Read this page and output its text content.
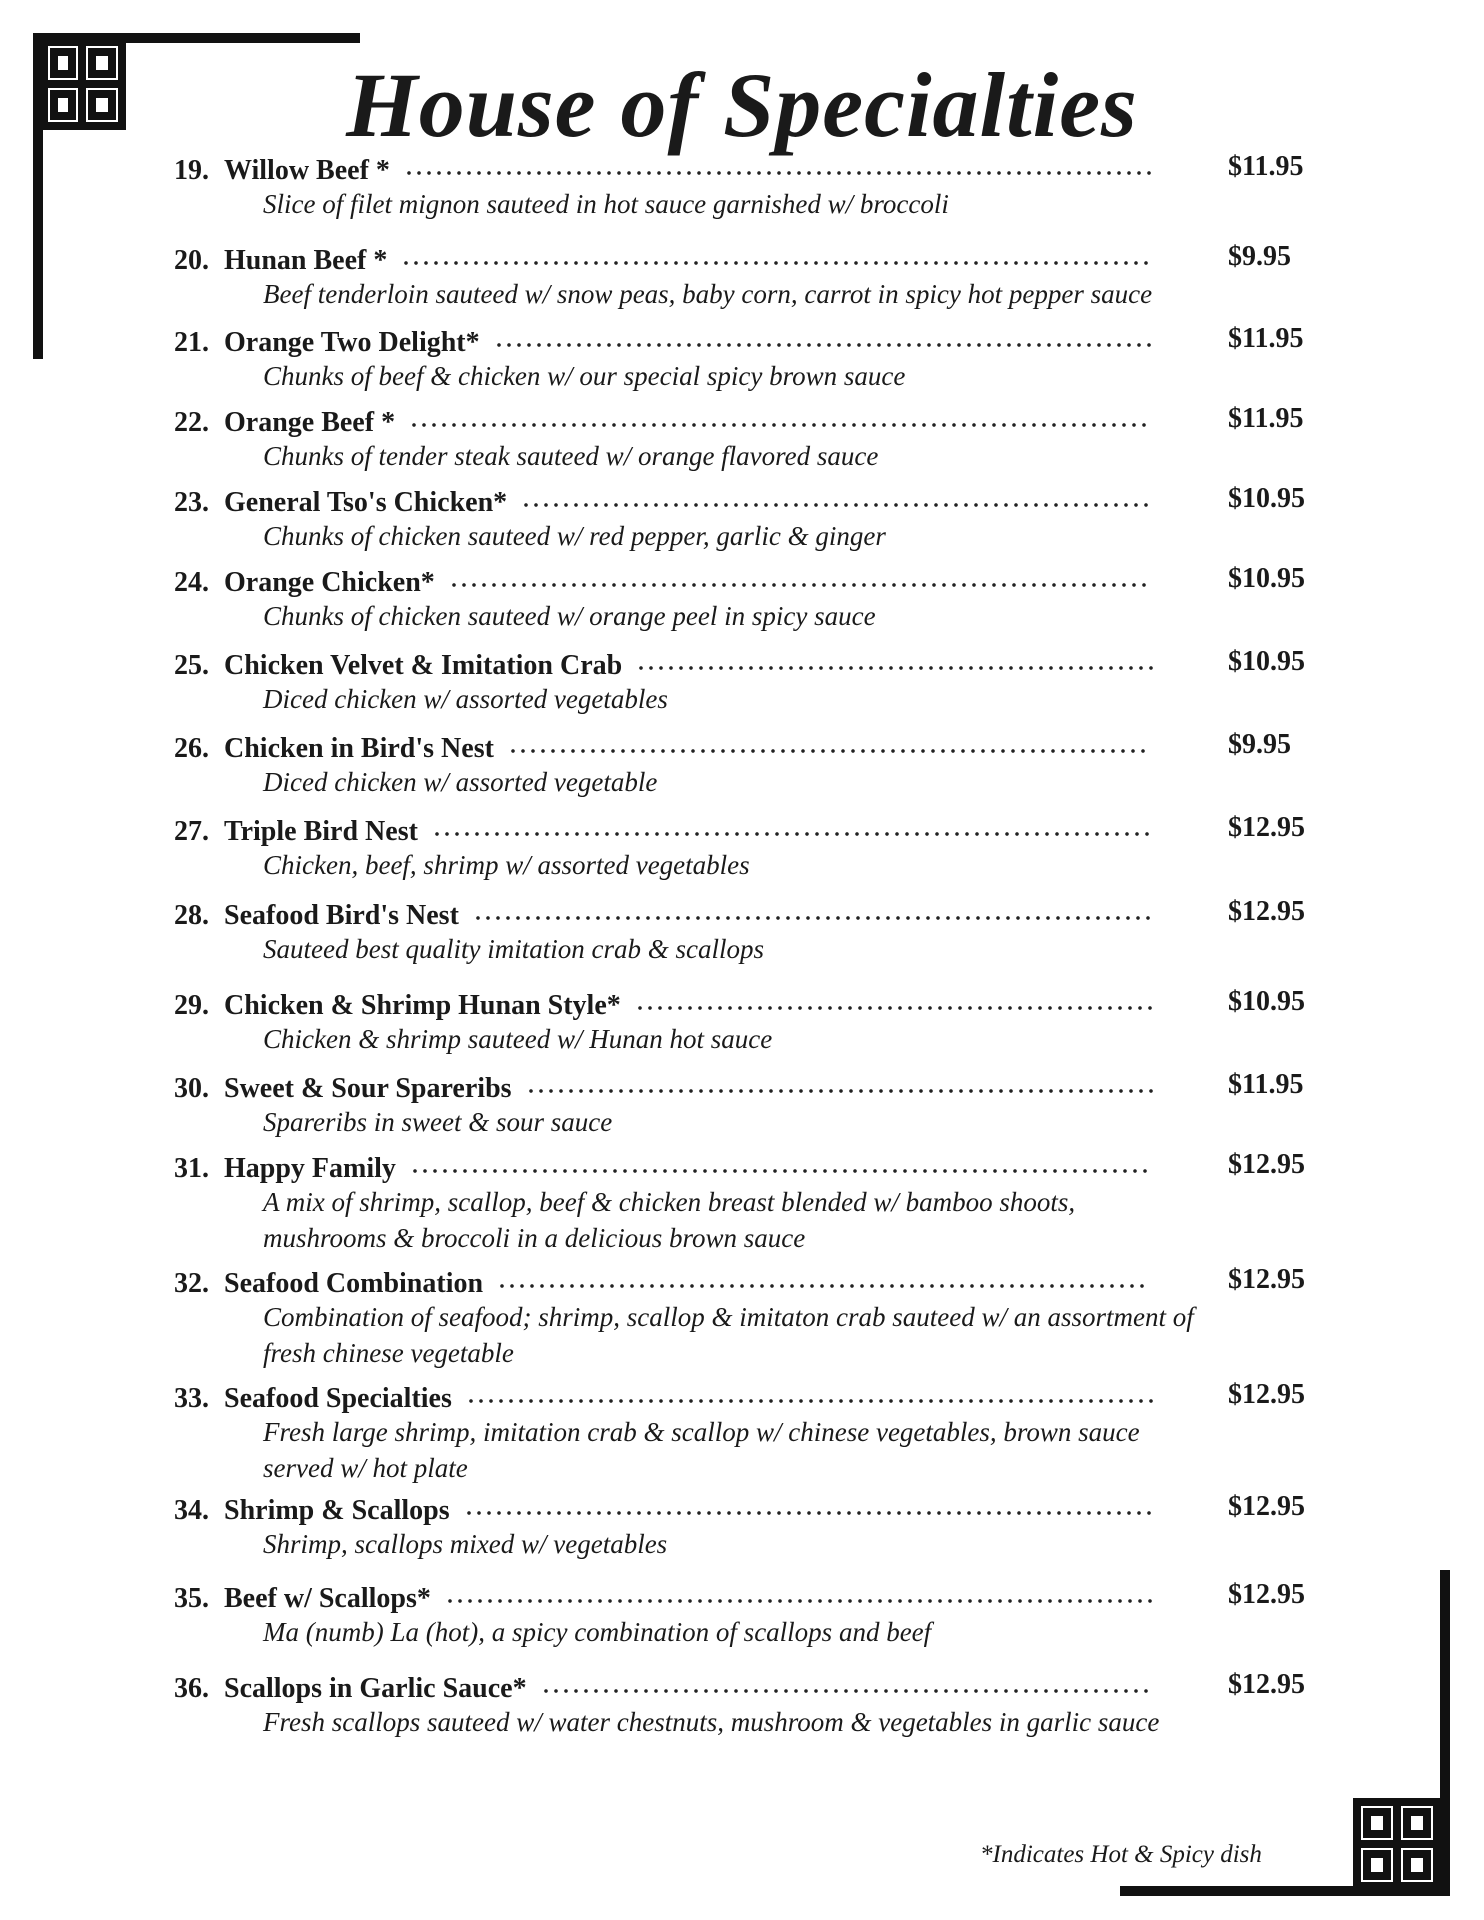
House of Specialties
19. Willow Beef *	$11.95
Slice of filet mignon sauteed in hot sauce garnished w/ broccoli
20. Hunan Beef *	$9.95
Beef tenderloin sauteed w/ snow peas, baby corn, carrot in spicy hot pepper sauce
21. Orange Two Delight*	$11.95
Chunks of beef & chicken w/ our special spicy brown sauce
22. Orange Beef *	$11.95
Chunks of tender steak sauteed w/ orange flavored sauce
23. General Tso's Chicken*	$10.95
Chunks of chicken sauteed w/ red pepper, garlic & ginger
24. Orange Chicken*	$10.95
Chunks of chicken sauteed w/ orange peel in spicy sauce
25. Chicken Velvet & Imitation Crab	$10.95
Diced chicken w/ assorted vegetables
26. Chicken in Bird's Nest	$9.95
Diced chicken w/ assorted vegetable
27. Triple Bird Nest	$12.95
Chicken, beef, shrimp w/ assorted vegetables
28. Seafood Bird's Nest	$12.95
Sauteed best quality imitation crab & scallops
29. Chicken & Shrimp Hunan Style*	$10.95
Chicken & shrimp sauteed w/ Hunan hot sauce
30. Sweet & Sour Spareribs	$11.95
Spareribs in sweet & sour sauce
31. Happy Family	$12.95
A mix of shrimp, scallop, beef & chicken breast blended w/ bamboo shoots,
mushrooms & broccoli in a delicious brown sauce
32. Seafood Combination	$12.95
Combination of seafood; shrimp, scallop & imitaton crab sauteed w/ an assortment of
fresh chinese vegetable
33. Seafood Specialties	$12.95
Fresh large shrimp, imitation crab & scallop w/ chinese vegetables, brown sauce
served w/ hot plate
34. Shrimp & Scallops	$12.95
Shrimp, scallops mixed w/ vegetables
35. Beef w/ Scallops*	$12.95
Ma (numb) La (hot), a spicy combination of scallops and beef
36. Scallops in Garlic Sauce*	$12.95
Fresh scallops sauteed w/ water chestnuts, mushroom & vegetables in garlic sauce
*Indicates Hot & Spicy dish
